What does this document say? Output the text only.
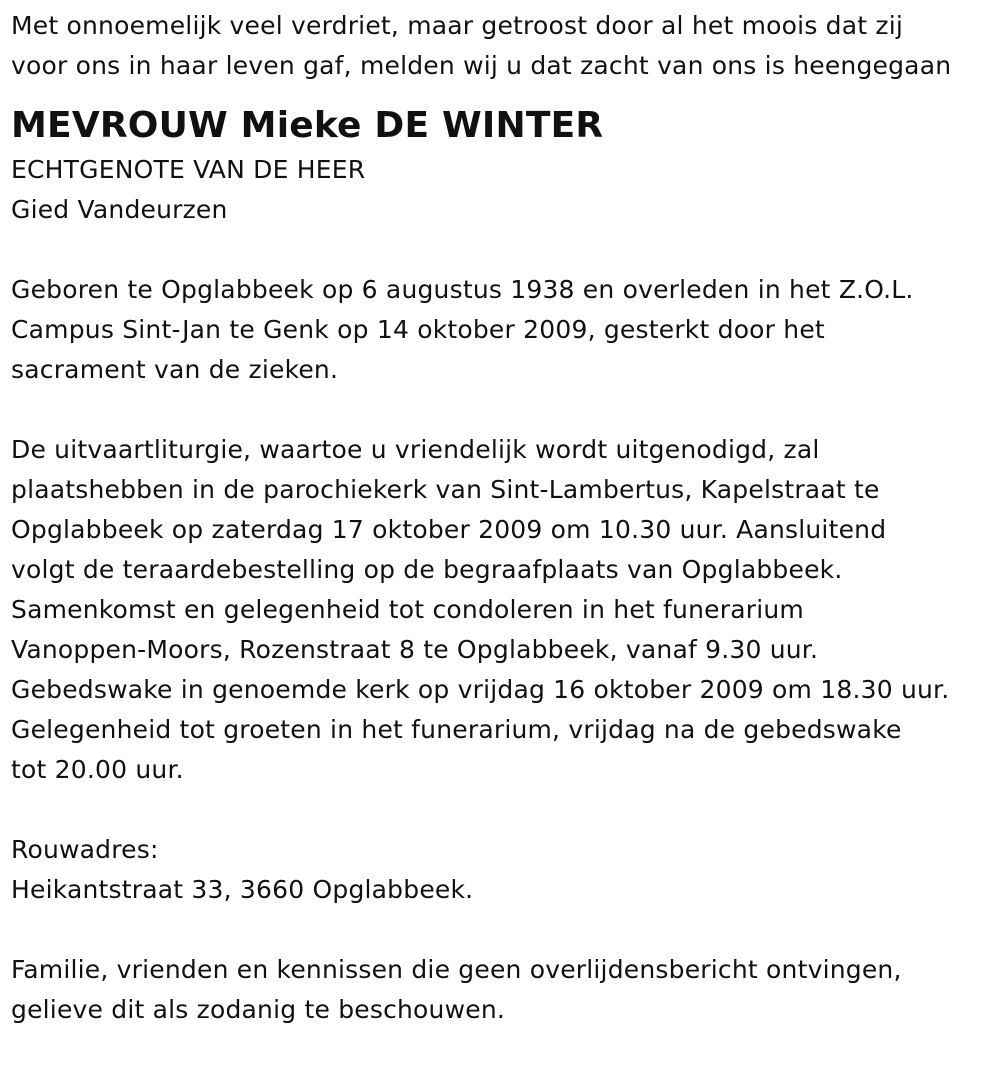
Met onnoemelijk veel verdriet, maar getroost door al het moois dat zij
voor ons in haar leven gaf, melden wij u dat zacht van ons is heengegaan
MEVROUW Mieke DE WINTER
ECHTGENOTE VAN DE HEER
Gied Vandeurzen
Geboren te Opglabbeek op 6 augustus 1938 en overleden in het Z.O.L.
Campus Sint-Jan te Genk op 14 oktober 2009, gesterkt door het
sacrament van de zieken.
De uitvaartliturgie, waartoe u vriendelijk wordt uitgenodigd, zal
plaatshebben in de parochiekerk van Sint-Lambertus, Kapelstraat te
Opglabbeek op zaterdag 17 oktober 2009 om 10.30 uur. Aansluitend
volgt de teraardebestelling op de begraafplaats van Opglabbeek.
Samenkomst en gelegenheid tot condoleren in het funerarium
Vanoppen-Moors, Rozenstraat 8 te Opglabbeek, vanaf 9.30 uur.
Gebedswake in genoemde kerk op vrijdag 16 oktober 2009 om 18.30 uur.
Gelegenheid tot groeten in het funerarium, vrijdag na de gebedswake
tot 20.00 uur.
Rouwadres:
Heikantstraat 33, 3660 Opglabbeek.
Familie, vrienden en kennissen die geen overlijdensbericht ontvingen,
gelieve dit als zodanig te beschouwen.
